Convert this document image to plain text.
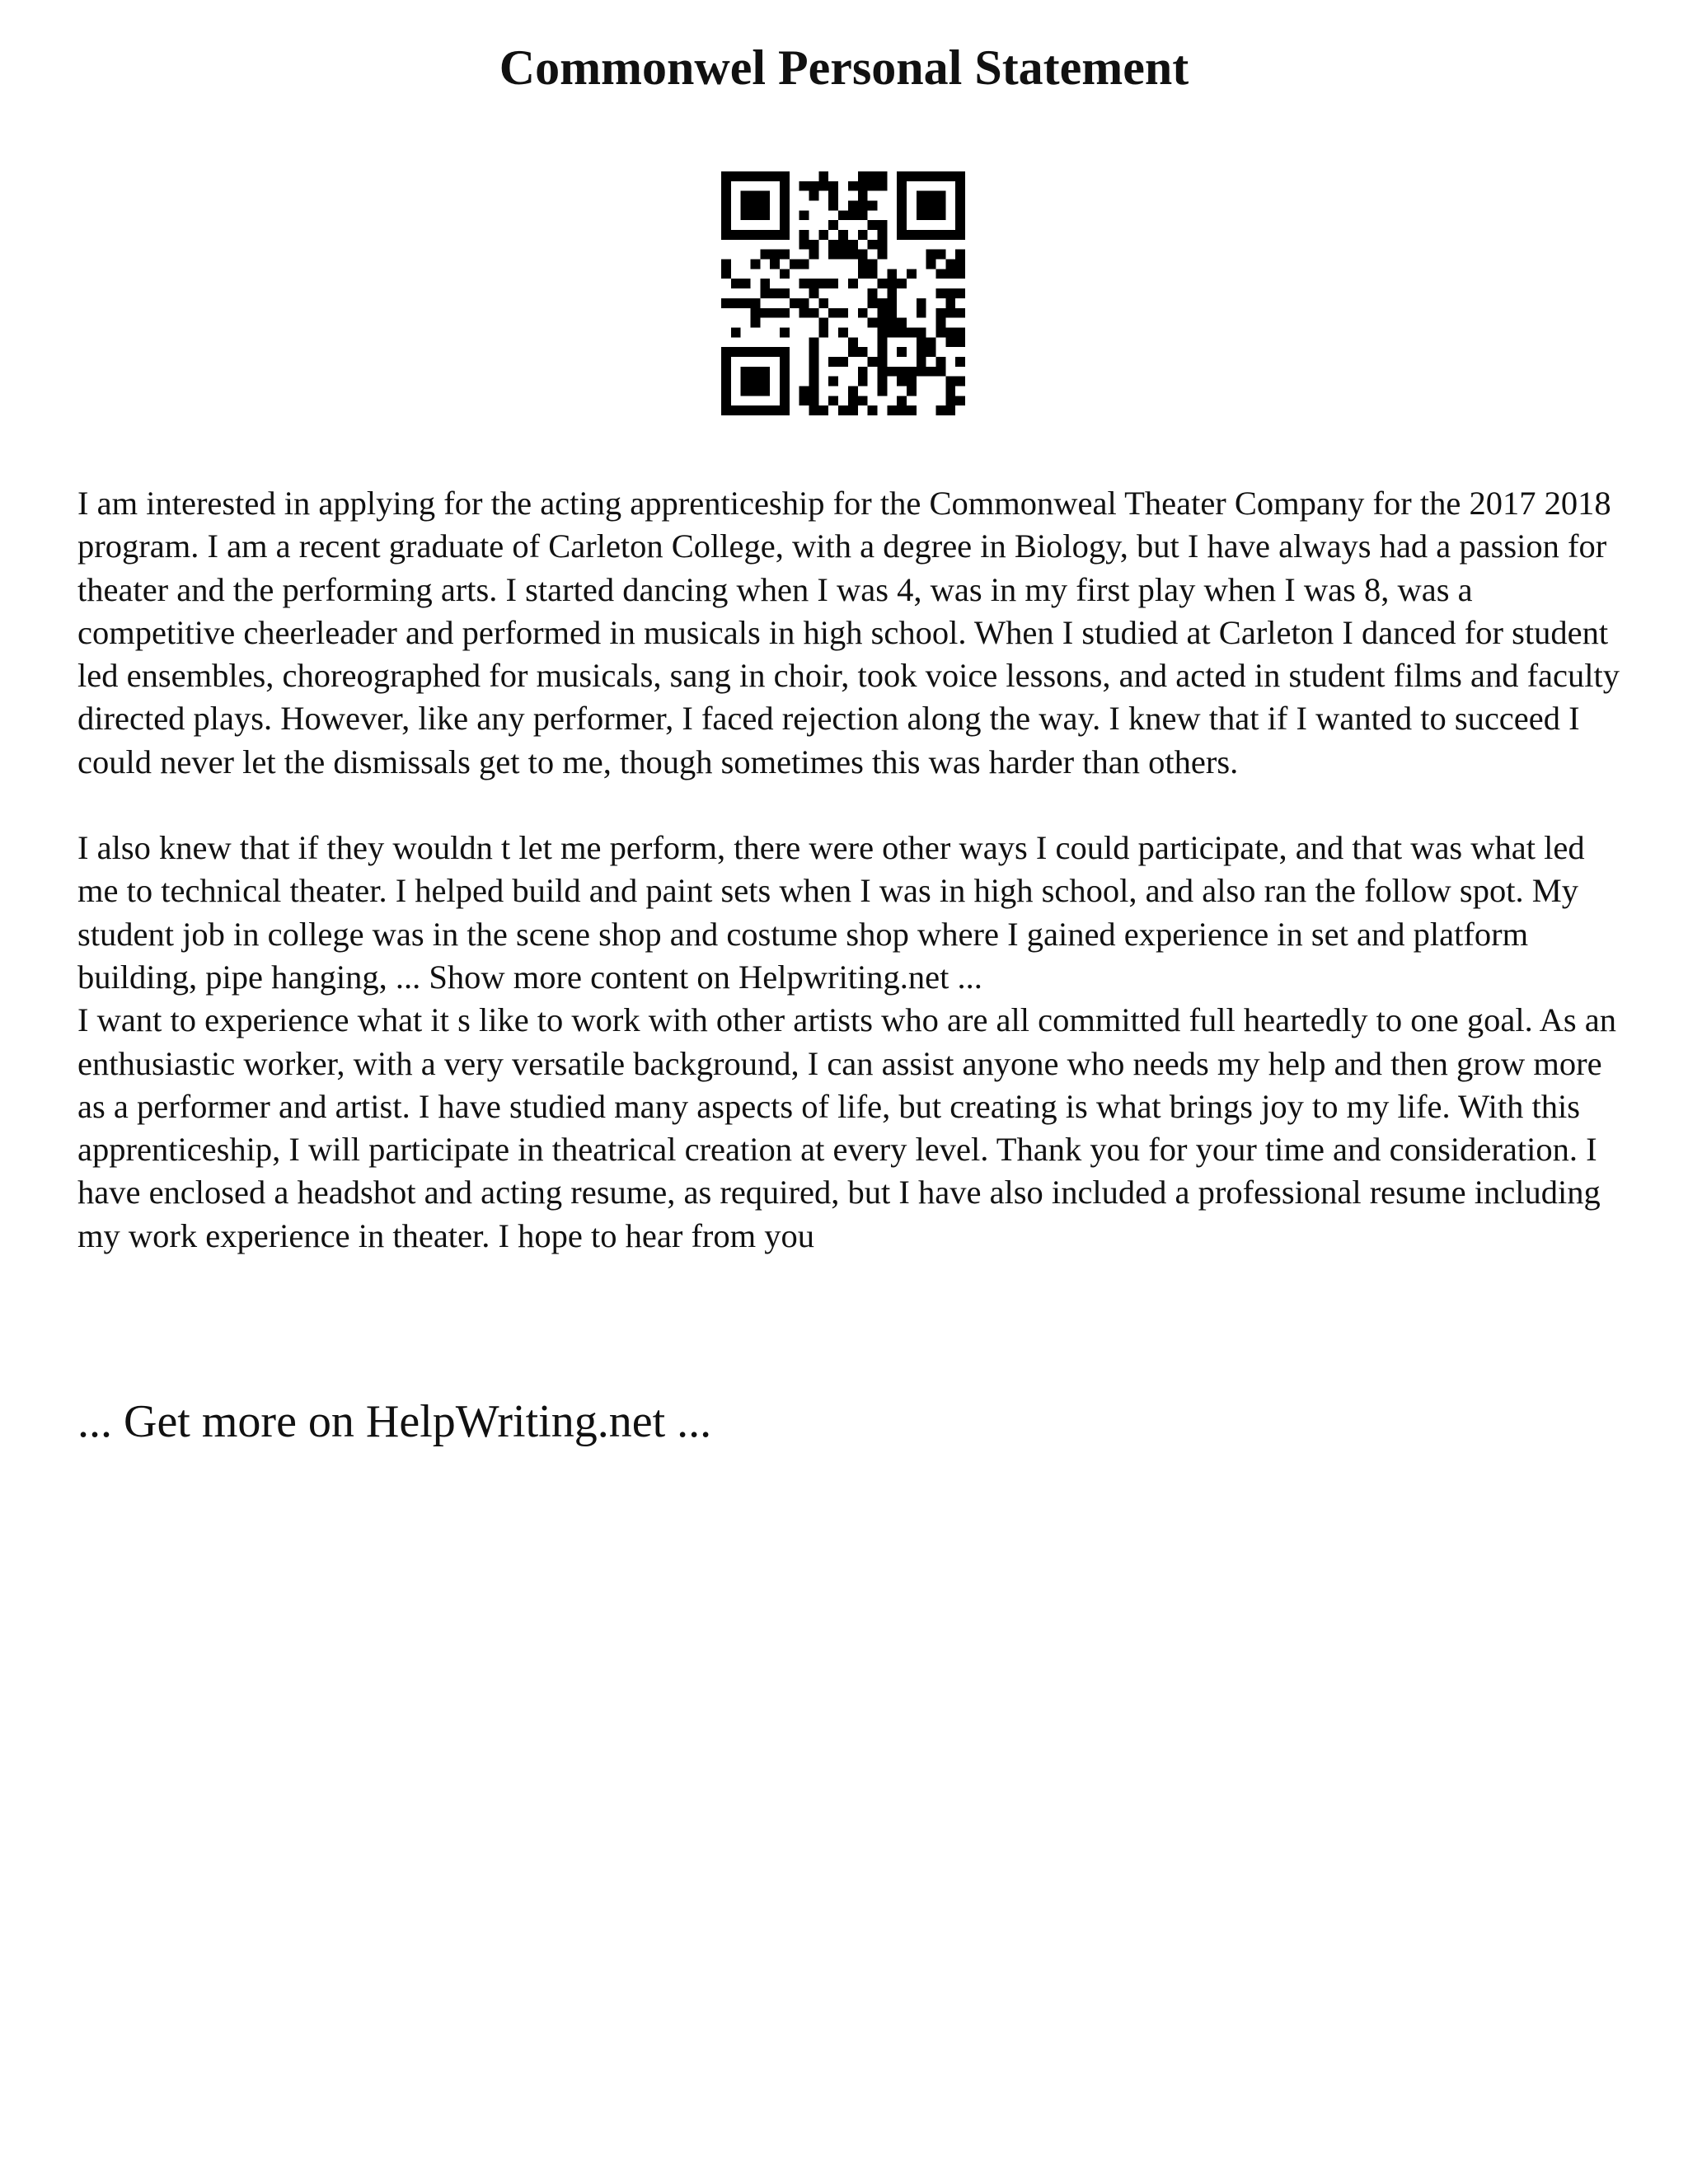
Commonwel Personal Statement

I am interested in applying for the acting apprenticeship for the Commonweal Theater Company for the 2017 2018 program. I am a recent graduate of Carleton College, with a degree in Biology, but I have always had a passion for theater and the performing arts. I started dancing when I was 4, was in my first play when I was 8, was a competitive cheerleader and performed in musicals in high school. When I studied at Carleton I danced for student led ensembles, choreographed for musicals, sang in choir, took voice lessons, and acted in student films and faculty directed plays. However, like any performer, I faced rejection along the way. I knew that if I wanted to succeed I could never let the dismissals get to me, though sometimes this was harder than others.

I also knew that if they wouldn t let me perform, there were other ways I could participate, and that was what led me to technical theater. I helped build and paint sets when I was in high school, and also ran the follow spot. My student job in college was in the scene shop and costume shop where I gained experience in set and platform building, pipe hanging, ... Show more content on Helpwriting.net ...

I want to experience what it s like to work with other artists who are all committed full heartedly to one goal. As an enthusiastic worker, with a very versatile background, I can assist anyone who needs my help and then grow more as a performer and artist. I have studied many aspects of life, but creating is what brings joy to my life. With this apprenticeship, I will participate in theatrical creation at every level. Thank you for your time and consideration. I have enclosed a headshot and acting resume, as required, but I have also included a professional resume including my work experience in theater. I hope to hear from you

... Get more on HelpWriting.net ...
